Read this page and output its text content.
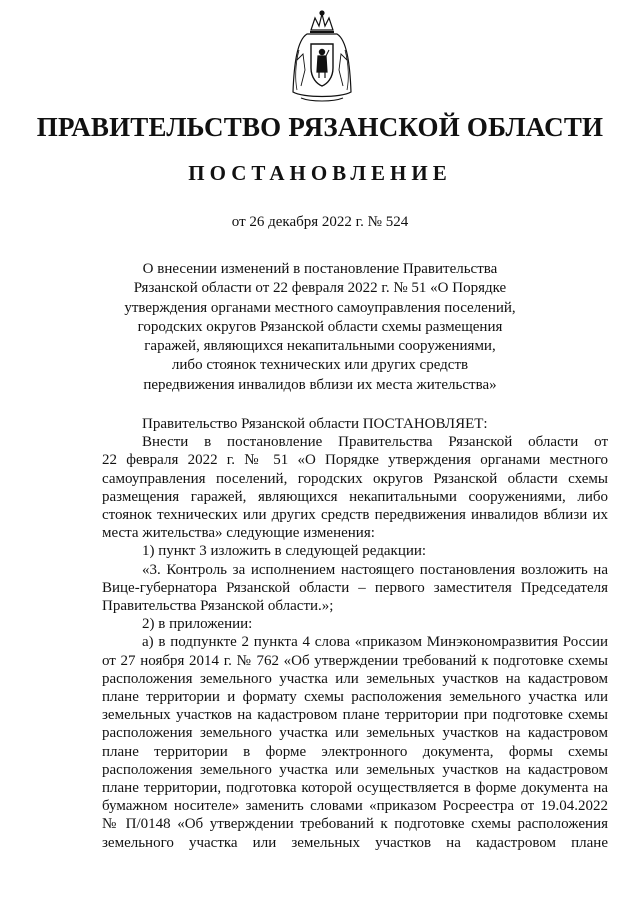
ПРАВИТЕЛЬСТВО РЯЗАНСКОЙ ОБЛАСТИ
ПОСТАНОВЛЕНИЕ
от 26 декабря 2022 г. № 524
О внесении изменений в постановление Правительства
Рязанской области от 22 февраля 2022 г. № 51 «О Порядке
утверждения органами местного самоуправления поселений,
городских округов Рязанской области схемы размещения
гаражей, являющихся некапитальными сооружениями,
либо стоянок технических или других средств
передвижения инвалидов вблизи их места жительства»
Правительство Рязанской области ПОСТАНОВЛЯЕТ:
Внести в постановление Правительства Рязанской области от
22 февраля 2022 г. № 51 «О Порядке утверждения органами местного
самоуправления поселений, городских округов Рязанской области схемы
размещения гаражей, являющихся некапитальными сооружениями, либо
стоянок технических или других средств передвижения инвалидов вблизи их
места жительства» следующие изменения:
1) пункт 3 изложить в следующей редакции:
«3. Контроль за исполнением настоящего постановления возложить на
Вице-губернатора Рязанской области – первого заместителя Председателя
Правительства Рязанской области.»;
2) в приложении:
а) в подпункте 2 пункта 4 слова «приказом Минэкономразвития России
от 27 ноября 2014 г. № 762 «Об утверждении требований к подготовке схемы
расположения земельного участка или земельных участков на кадастровом
плане территории и формату схемы расположения земельного участка или
земельных участков на кадастровом плане территории при подготовке схемы
расположения земельного участка или земельных участков на кадастровом
плане территории в форме электронного документа, формы схемы
расположения земельного участка или земельных участков на кадастровом
плане территории, подготовка которой осуществляется в форме документа на
бумажном носителе» заменить словами «приказом Росреестра от 19.04.2022
№ П/0148 «Об утверждении требований к подготовке схемы расположения
земельного участка или земельных участков на кадастровом плане
